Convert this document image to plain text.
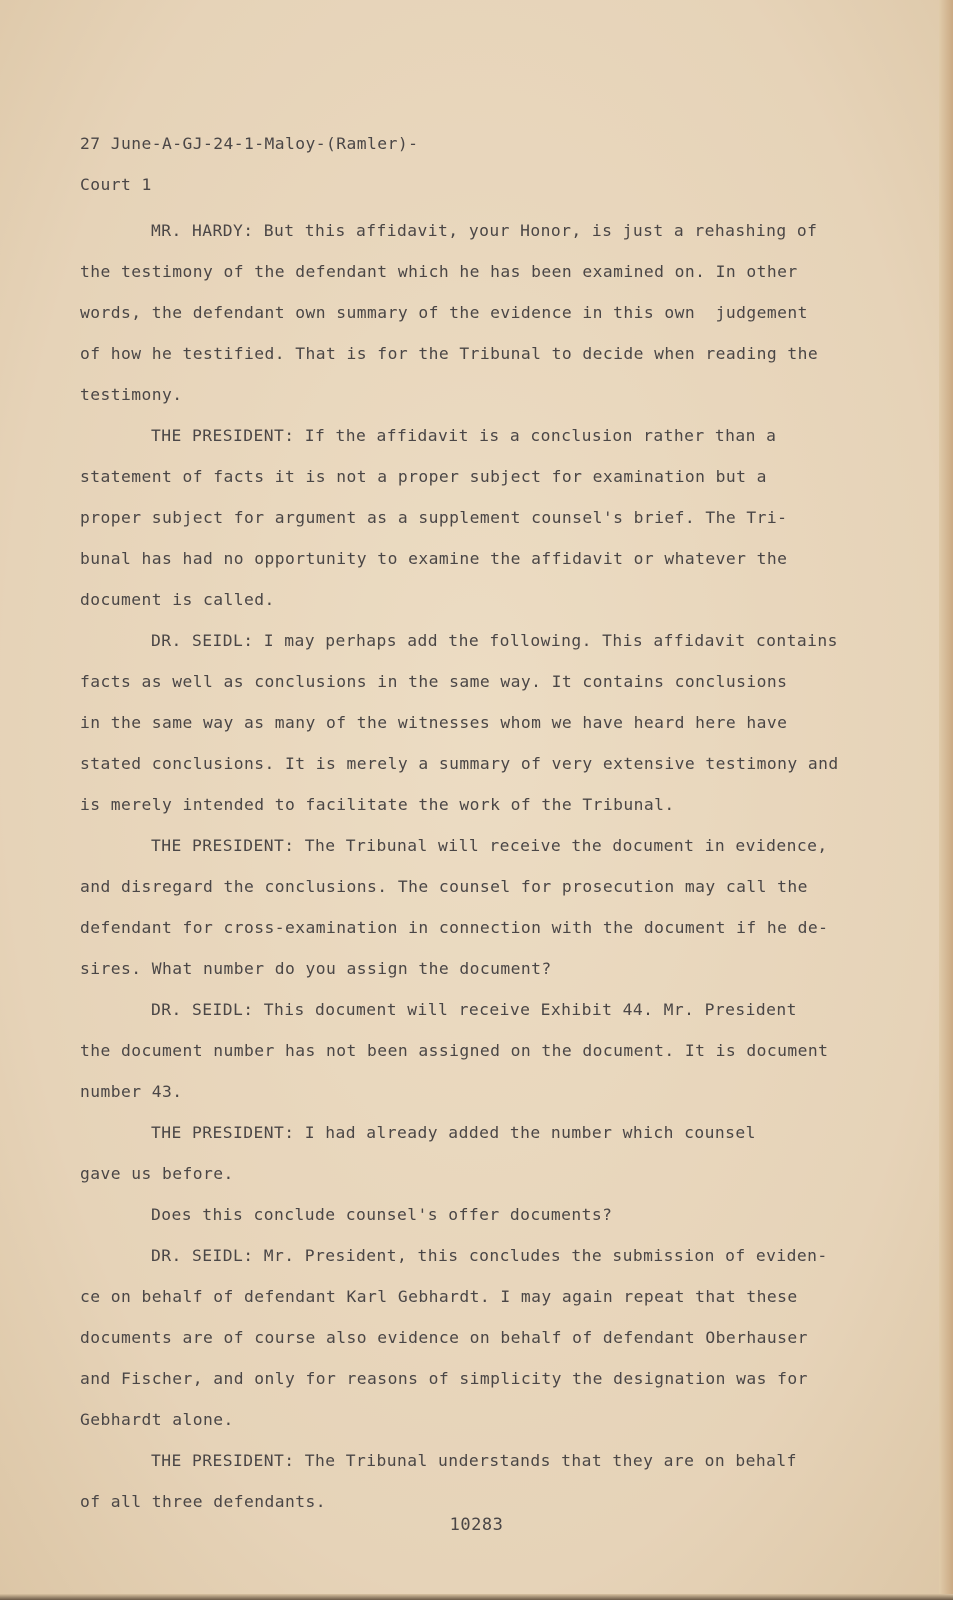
27 June-A-GJ-24-1-Maloy-(Ramler)-
Court 1
MR. HARDY: But this affidavit, your Honor, is just a rehashing of
the testimony of the defendant which he has been examined on. In other
words, the defendant own summary of the evidence in this own  judgement
of how he testified. That is for the Tribunal to decide when reading the
testimony.
THE PRESIDENT: If the affidavit is a conclusion rather than a
statement of facts it is not a proper subject for examination but a
proper subject for argument as a supplement counsel's brief. The Tri-
bunal has had no opportunity to examine the affidavit or whatever the
document is called.
DR. SEIDL: I may perhaps add the following. This affidavit contains
facts as well as conclusions in the same way. It contains conclusions
in the same way as many of the witnesses whom we have heard here have
stated conclusions. It is merely a summary of very extensive testimony and
is merely intended to facilitate the work of the Tribunal.
THE PRESIDENT: The Tribunal will receive the document in evidence,
and disregard the conclusions. The counsel for prosecution may call the
defendant for cross-examination in connection with the document if he de-
sires. What number do you assign the document?
DR. SEIDL: This document will receive Exhibit 44. Mr. President
the document number has not been assigned on the document. It is document
number 43.
THE PRESIDENT: I had already added the number which counsel
gave us before.
Does this conclude counsel's offer documents?
DR. SEIDL: Mr. President, this concludes the submission of eviden-
ce on behalf of defendant Karl Gebhardt. I may again repeat that these
documents are of course also evidence on behalf of defendant Oberhauser
and Fischer, and only for reasons of simplicity the designation was for
Gebhardt alone.
THE PRESIDENT: The Tribunal understands that they are on behalf
of all three defendants.
10283
